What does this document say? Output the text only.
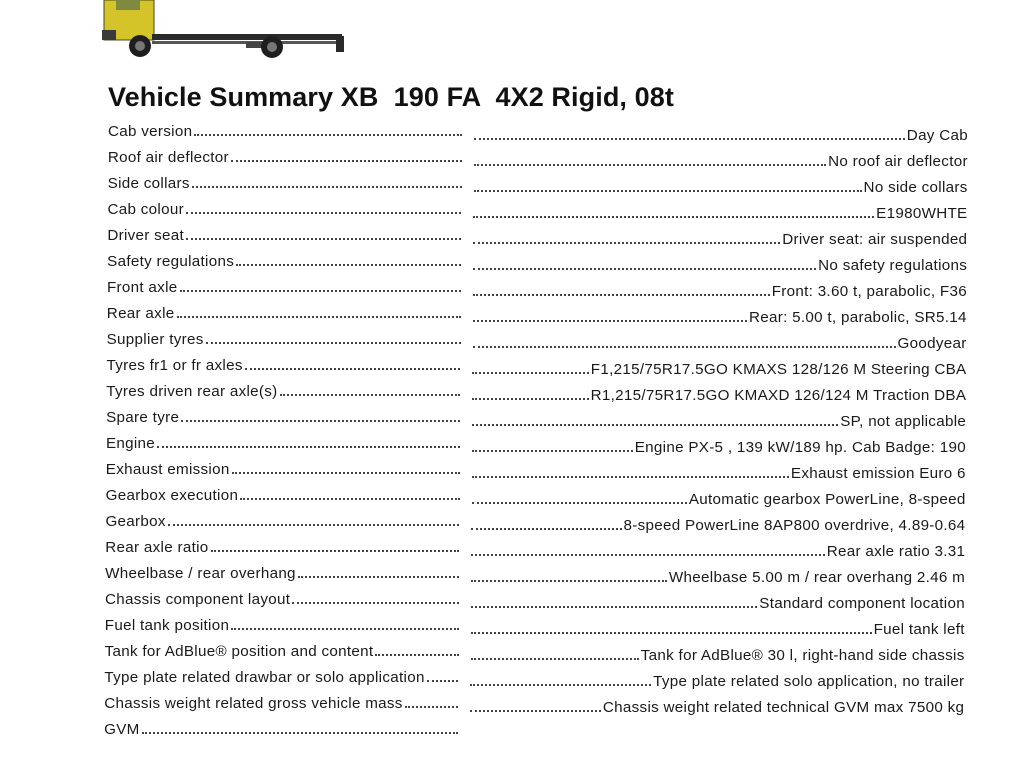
Vehicle Summary XB  190 FA  4X2 Rigid, 08t
Cab version	Day Cab
Roof air deflector	No roof air deflector
Side collars	No side collars
Cab colour	E1980WHTE
Driver seat	Driver seat: air suspended
Safety regulations	No safety regulations
Front axle	Front: 3.60 t, parabolic, F36
Rear axle	Rear: 5.00 t, parabolic, SR5.14
Supplier tyres	Goodyear
Tyres fr1 or fr axles	F1,215/75R17.5GO KMAXS 128/126 M Steering CBA
Tyres driven rear axle(s)	R1,215/75R17.5GO KMAXD 126/124 M Traction DBA
Spare tyre	SP, not applicable
Engine	Engine PX-5 , 139 kW/189 hp. Cab Badge: 190
Exhaust emission	Exhaust emission Euro 6
Gearbox execution	Automatic gearbox PowerLine, 8-speed
Gearbox	8-speed PowerLine 8AP800 overdrive, 4.89-0.64
Rear axle ratio	Rear axle ratio 3.31
Wheelbase / rear overhang	Wheelbase 5.00 m / rear overhang 2.46 m
Chassis component layout	Standard component location
Fuel tank position	Fuel tank left
Tank for AdBlue® position and content	Tank for AdBlue® 30 l, right-hand side chassis
Type plate related drawbar or solo application	Type plate related solo application, no trailer
Chassis weight related gross vehicle mass	Chassis weight related technical GVM max 7500 kg
GVM
